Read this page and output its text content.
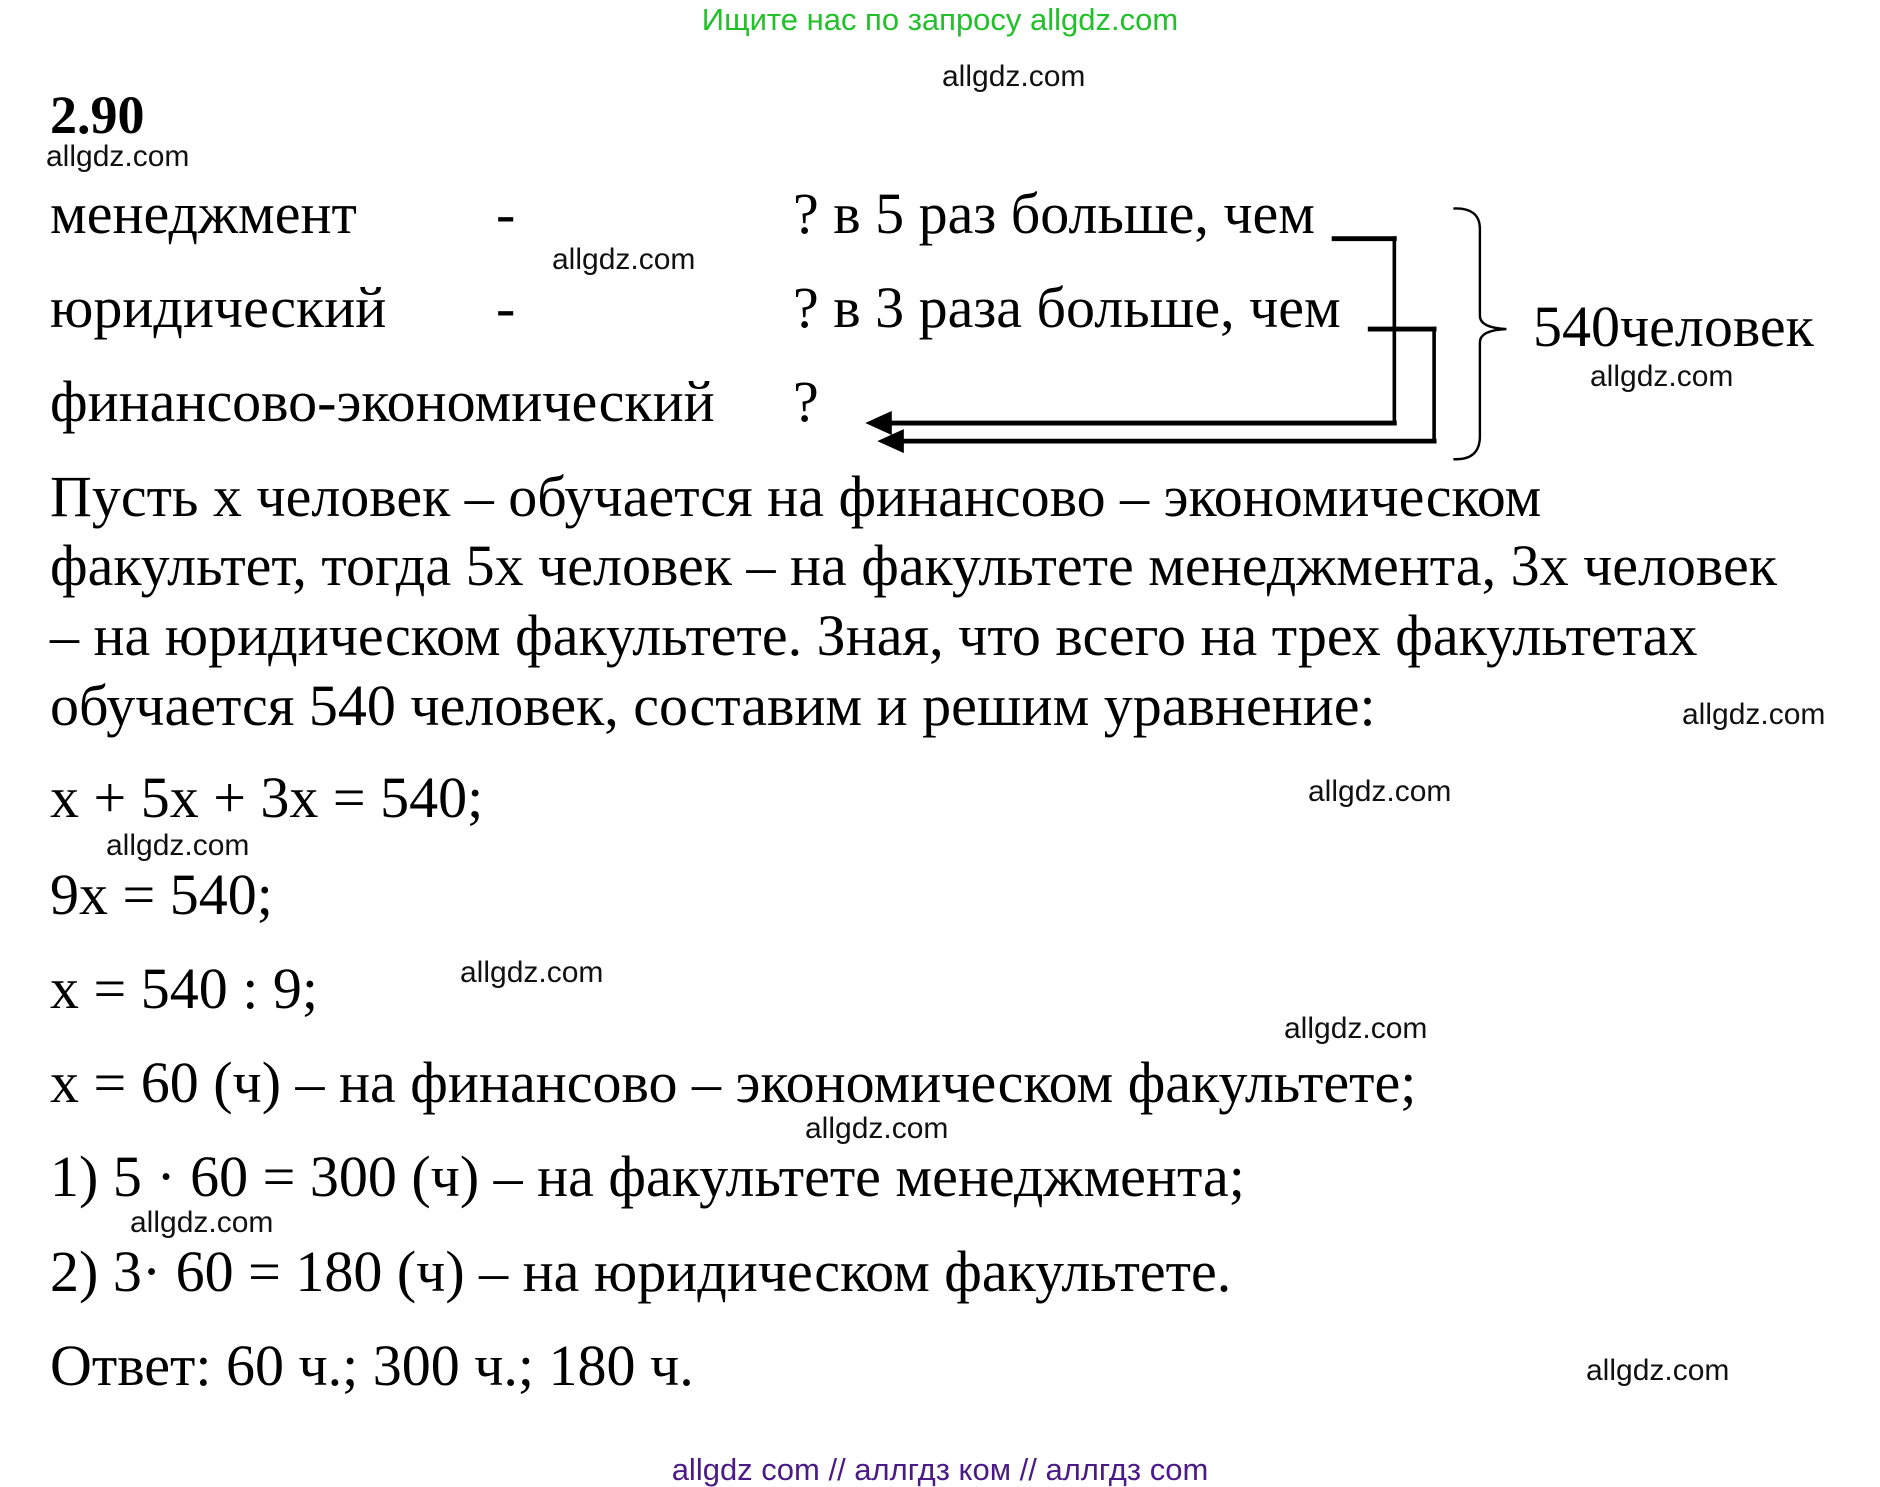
Ищите нас по запросу allgdz.com
2.90
менеджмент -	? в 5 раз больше, чем
юридический -	? в 3 раза больше, чем
финансово-экономический ?
540человек
Пусть х человек – обучается на финансово – экономическом
факультет, тогда 5х человек – на факультете менеджмента, 3х человек
– на юридическом факультете. Зная, что всего на трех факультетах
обучается 540 человек, составим и решим уравнение:
х + 5х + 3х = 540;
9х = 540;
х = 540 : 9;
х = 60 (ч) – на финансово – экономическом факультете;
1) 5 · 60 = 300 (ч) – на факультете менеджмента;
2) 3· 60 = 180 (ч) – на юридическом факультете.
Ответ: 60 ч.; 300 ч.; 180 ч.
allgdz.com
allgdz.com
allgdz.com
allgdz.com
allgdz.com
allgdz.com
allgdz.com
allgdz.com
allgdz.com
allgdz.com
allgdz.com
allgdz.com
allgdz com // аллгдз ком // аллгдз com
